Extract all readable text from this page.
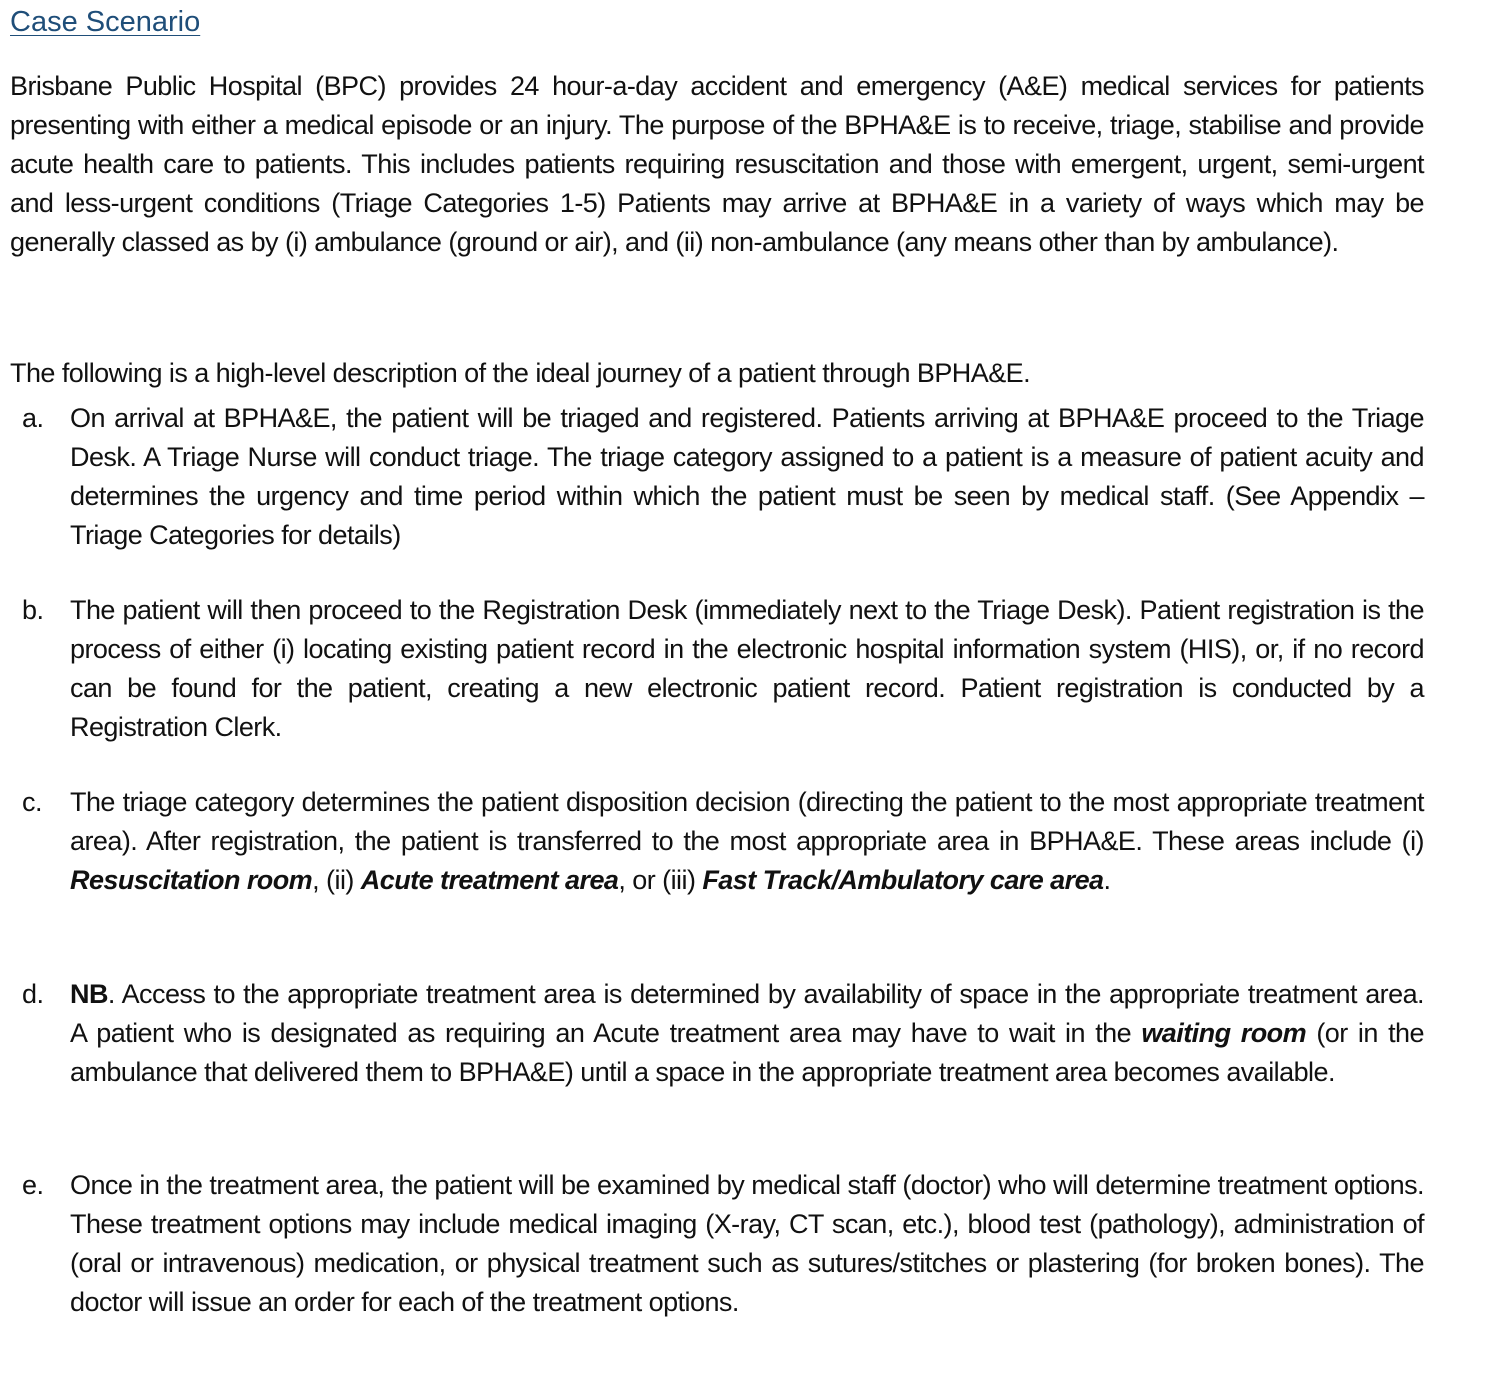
Case Scenario
Brisbane Public Hospital (BPC) provides 24 hour-a-day accident and emergency (A&E) medical services for patients presenting with either a medical episode or an injury. The purpose of the BPHA&E is to receive, triage, stabilise and provide acute health care to patients. This includes patients requiring resuscitation and those with emergent, urgent, semi-urgent and less-urgent conditions (Triage Categories 1-5) Patients may arrive at BPHA&E in a variety of ways which may be generally classed as by (i) ambulance (ground or air), and (ii) non-ambulance (any means other than by ambulance).
The following is a high-level description of the ideal journey of a patient through BPHA&E.
a. On arrival at BPHA&E, the patient will be triaged and registered. Patients arriving at BPHA&E proceed to the Triage Desk. A Triage Nurse will conduct triage. The triage category assigned to a patient is a measure of patient acuity and determines the urgency and time period within which the patient must be seen by medical staff. (See Appendix – Triage Categories for details)
b. The patient will then proceed to the Registration Desk (immediately next to the Triage Desk). Patient registration is the process of either (i) locating existing patient record in the electronic hospital information system (HIS), or, if no record can be found for the patient, creating a new electronic patient record. Patient registration is conducted by a Registration Clerk.
c.	The triage category determines the patient disposition decision (directing the patient to the most appropriate treatment area). After registration, the patient is transferred to the most appropriate area in BPHA&E. These areas include (i) Resuscitation room, (ii) Acute treatment area, or (iii) Fast Track/Ambulatory care area.
d. NB. Access to the appropriate treatment area is determined by availability of space in the appropriate treatment area. A patient who is designated as requiring an Acute treatment area may have to wait in the waiting room (or in the ambulance that delivered them to BPHA&E) until a space in the appropriate treatment area becomes available.
e. Once in the treatment area, the patient will be examined by medical staff (doctor) who will determine treatment options. These treatment options may include medical imaging (X-ray, CT scan, etc.), blood test (pathology), administration of (oral or intravenous) medication, or physical treatment such as sutures/stitches or plastering (for broken bones). The doctor will issue an order for each of the treatment options.
